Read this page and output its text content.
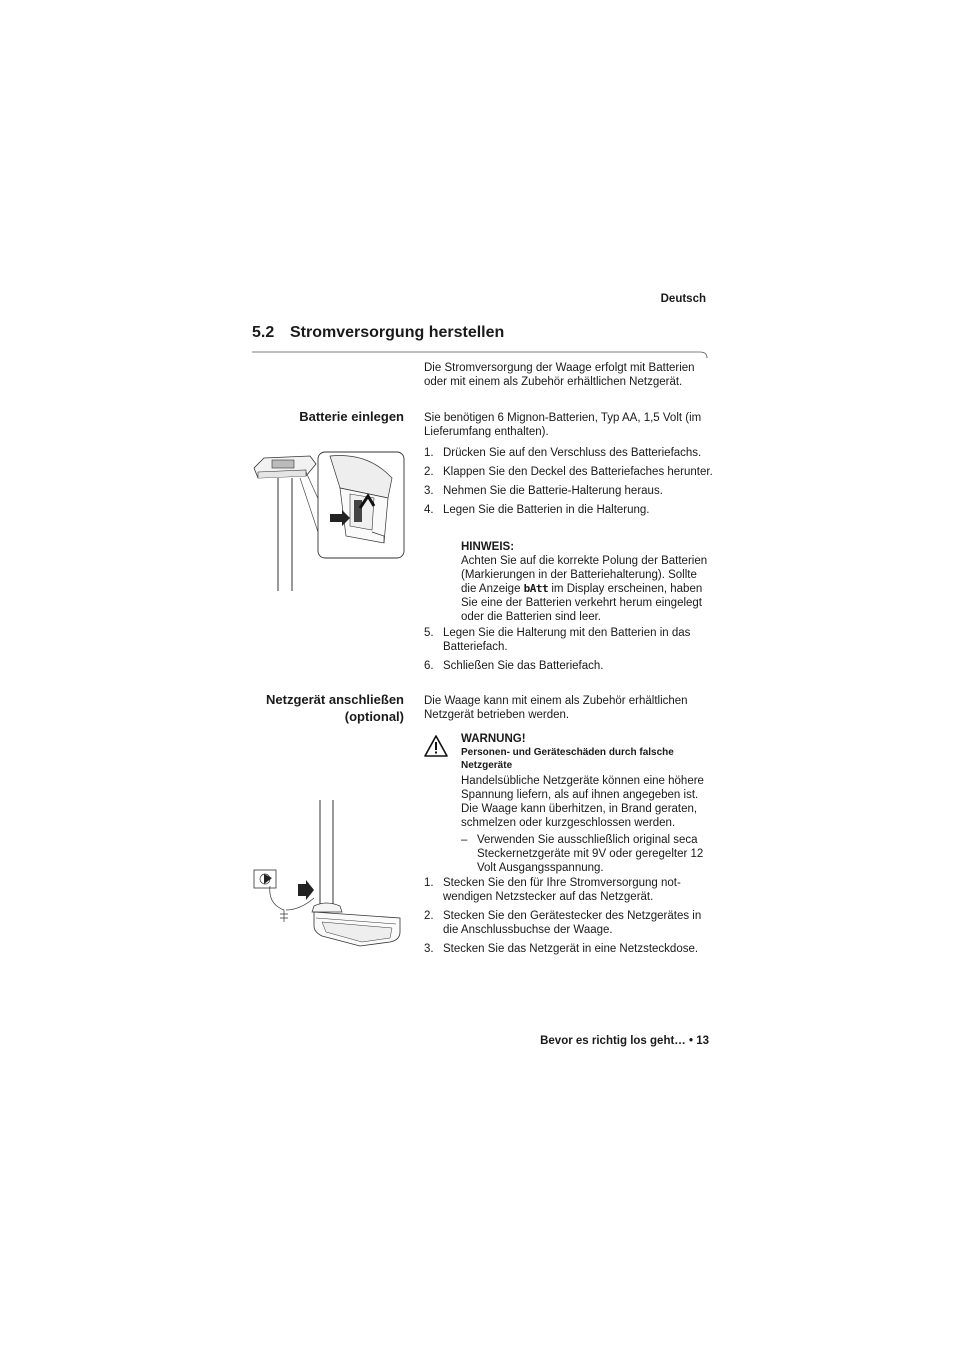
Deutsch
5.2 Stromversorgung herstellen
Die Stromversorgung der Waage erfolgt mit Batterien oder mit einem als Zubehör erhältlichen Netzgerät.
Batterie einlegen Sie benötigen 6 Mignon-Batterien, Typ AA, 1,5 Volt (im Lieferumfang enthalten).
1. Drücken Sie auf den Verschluss des Batteriefachs.
2. Klappen Sie den Deckel des Batteriefaches herunter.
3. Nehmen Sie die Batterie-Halterung heraus.
4. Legen Sie die Batterien in die Halterung.
HINWEIS:
Achten Sie auf die korrekte Polung der Batterien (Markierungen in der Batteriehalterung). Sollte die Anzeige bAtt im Display erscheinen, haben Sie eine der Batterien verkehrt herum eingelegt oder die Batterien sind leer.
5. Legen Sie die Halterung mit den Batterien in das Batteriefach.
6. Schließen Sie das Batteriefach.
Netzgerät anschließen
(optional)
Die Waage kann mit einem als Zubehör erhältlichen Netzgerät betrieben werden.
WARNUNG!
Personen- und Geräteschäden durch falsche Netzgeräte
Handelsübliche Netzgeräte können eine höhere Spannung liefern, als auf ihnen angegeben ist. Die Waage kann überhitzen, in Brand geraten, schmelzen oder kurzgeschlossen werden.
– Verwenden Sie ausschließlich original seca Steckernetzgeräte mit 9V oder geregelter 12 Volt Ausgangsspannung.
1. Stecken Sie den für Ihre Stromversorgung not-wendigen Netzstecker auf das Netzgerät.
2. Stecken Sie den Gerätestecker des Netzgerätes in die Anschlussbuchse der Waage.
3. Stecken Sie das Netzgerät in eine Netzsteckdose.
Bevor es richtig los geht… • 13
